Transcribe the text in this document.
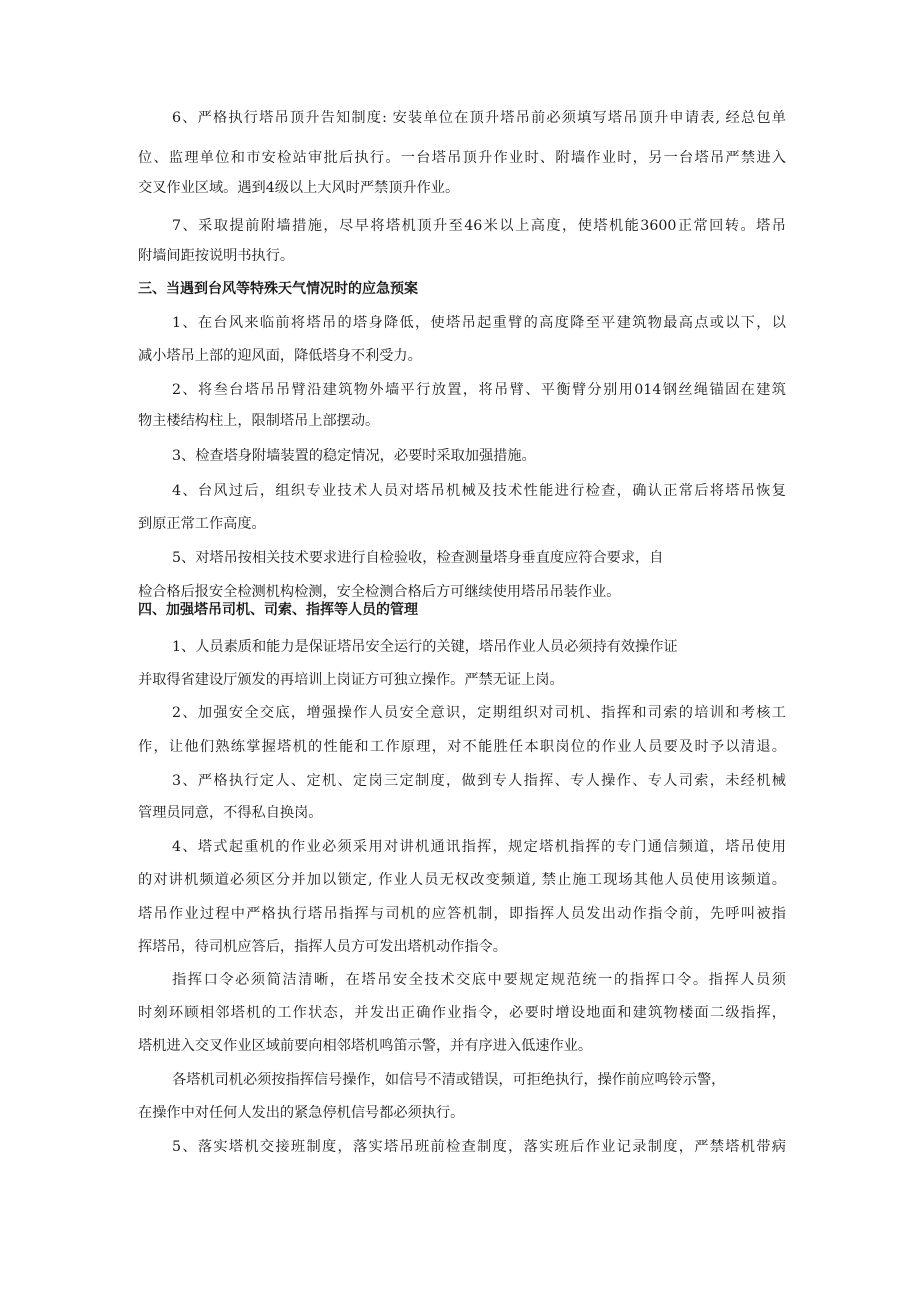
6、严格执行塔吊顶升告知制度: 安装单位在顶升塔吊前必须填写塔吊顶升申请表, 经总包单
位、监理单位和市安检站审批后执行。一台塔吊顶升作业时、附墙作业时，另一台塔吊严禁进入
交叉作业区域。遇到4级以上大风时严禁顶升作业。
7、采取提前附墙措施，尽早将塔机顶升至46米以上高度，使塔机能3600正常回转。塔吊
附墙间距按说明书执行。
三、当遇到台风等特殊天气情况时的应急预案
1、在台风来临前将塔吊的塔身降低，使塔吊起重臂的高度降至平建筑物最高点或以下，以
减小塔吊上部的迎风面，降低塔身不利受力。
2、将叁台塔吊吊臂沿建筑物外墙平行放置，将吊臂、平衡臂分别用014钢丝绳锚固在建筑
物主楼结构柱上，限制塔吊上部摆动。
3、检查塔身附墙装置的稳定情况，必要时采取加强措施。
4、台风过后，组织专业技术人员对塔吊机械及技术性能进行检查，确认正常后将塔吊恢复
到原正常工作高度。
5、对塔吊按相关技术要求进行自检验收，检查测量塔身垂直度应符合要求，自
检合格后报安全检测机构检测，安全检测合格后方可继续使用塔吊吊装作业。
四、加强塔吊司机、司索、指挥等人员的管理
1、人员素质和能力是保证塔吊安全运行的关键，塔吊作业人员必须持有效操作证
并取得省建设厅颁发的再培训上岗证方可独立操作。严禁无证上岗。
2、加强安全交底，增强操作人员安全意识，定期组织对司机、指挥和司索的培训和考核工
作，让他们熟练掌握塔机的性能和工作原理，对不能胜任本职岗位的作业人员要及时予以清退。
3、严格执行定人、定机、定岗三定制度，做到专人指挥、专人操作、专人司索，未经机械
管理员同意，不得私自换岗。
4、塔式起重机的作业必须采用对讲机通讯指挥，规定塔机指挥的专门通信频道，塔吊使用
的对讲机频道必须区分并加以锁定, 作业人员无权改变频道, 禁止施工现场其他人员使用该频道。
塔吊作业过程中严格执行塔吊指挥与司机的应答机制，即指挥人员发出动作指令前，先呼叫被指
挥塔吊，待司机应答后，指挥人员方可发出塔机动作指令。
指挥口令必须简洁清晰，在塔吊安全技术交底中要规定规范统一的指挥口令。指挥人员须
时刻环顾相邻塔机的工作状态，并发出正确作业指令，必要时增设地面和建筑物楼面二级指挥，
塔机进入交叉作业区域前要向相邻塔机鸣笛示警，并有序进入低速作业。
各塔机司机必须按指挥信号操作，如信号不清或错误，可拒绝执行，操作前应鸣铃示警，
在操作中对任何人发出的紧急停机信号都必须执行。
5、落实塔机交接班制度，落实塔吊班前检查制度，落实班后作业记录制度，严禁塔机带病
